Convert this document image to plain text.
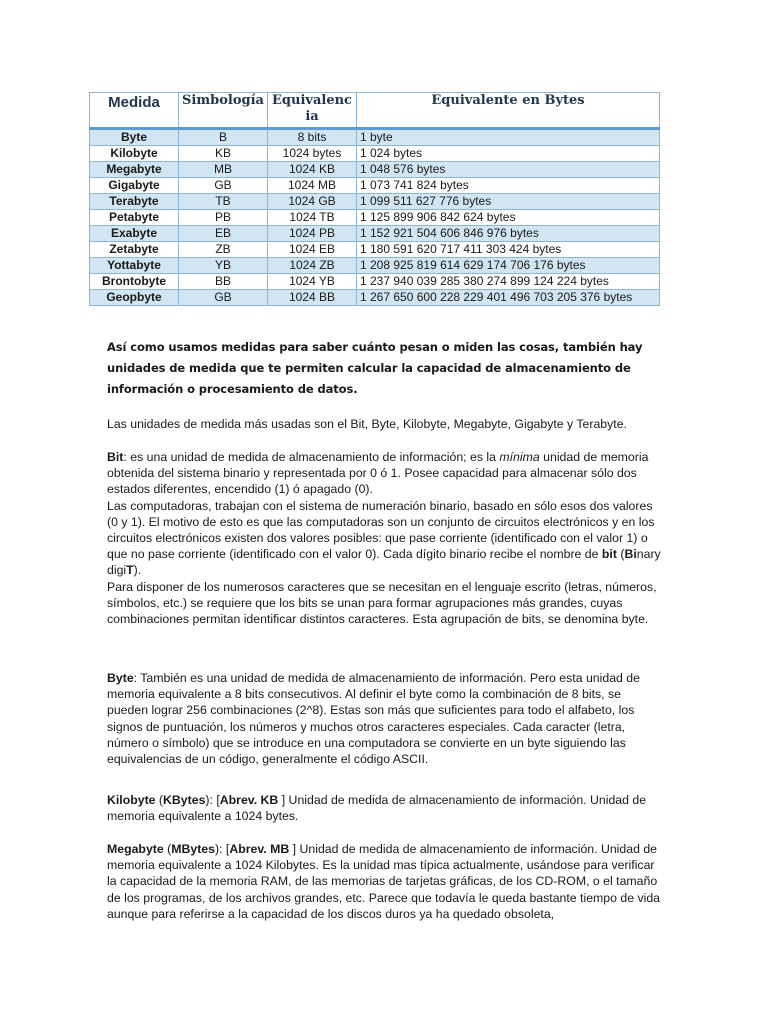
Medida	Simbología	Equivalencia	Equivalente en Bytes
Byte	B	8 bits	1 byte
Kilobyte	KB	1024 bytes	1 024 bytes
Megabyte	MB	1024 KB	1 048 576 bytes
Gigabyte	GB	1024 MB	1 073 741 824 bytes
Terabyte	TB	1024 GB	1 099 511 627 776 bytes
Petabyte	PB	1024 TB	1 125 899 906 842 624 bytes
Exabyte	EB	1024 PB	1 152 921 504 606 846 976 bytes
Zetabyte	ZB	1024 EB	1 180 591 620 717 411 303 424 bytes
Yottabyte	YB	1024 ZB	1 208 925 819 614 629 174 706 176 bytes
Brontobyte	BB	1024 YB	1 237 940 039 285 380 274 899 124 224 bytes
Geopbyte	GB	1024 BB	1 267 650 600 228 229 401 496 703 205 376 bytes
Así como usamos medidas para saber cuánto pesan o miden las cosas, también hay unidades de medida que te permiten calcular la capacidad de almacenamiento de información o procesamiento de datos.

Las unidades de medida más usadas son el Bit, Byte, Kilobyte, Megabyte, Gigabyte y Terabyte.

Bit: es una unidad de medida de almacenamiento de información; es la mínima unidad de memoria obtenida del sistema binario y representada por 0 ó 1. Posee capacidad para almacenar sólo dos estados diferentes, encendido (1) ó apagado (0).

Las computadoras, trabajan con el sistema de numeración binario, basado en sólo esos dos valores (0 y 1). El motivo de esto es que las computadoras son un conjunto de circuitos electrónicos y en los circuitos electrónicos existen dos valores posibles: que pase corriente (identificado con el valor 1) o que no pase corriente (identificado con el valor 0). Cada dígito binario recibe el nombre de bit (Binary digiT).

Para disponer de los numerosos caracteres que se necesitan en el lenguaje escrito (letras, números, símbolos, etc.) se requiere que los bits se unan para formar agrupaciones más grandes, cuyas combinaciones permitan identificar distintos caracteres. Esta agrupación de bits, se denomina byte.

Byte: También es una unidad de medida de almacenamiento de información. Pero esta unidad de memoria equivalente a 8 bits consecutivos. Al definir el byte como la combinación de 8 bits, se pueden lograr 256 combinaciones (2^8). Estas son más que suficientes para todo el alfabeto, los signos de puntuación, los números y muchos otros caracteres especiales. Cada caracter (letra, número o símbolo) que se introduce en una computadora se convierte en un byte siguiendo las equivalencias de un código, generalmente el código ASCII.

Kilobyte (KBytes): [Abrev. KB ] Unidad de medida de almacenamiento de información. Unidad de memoria equivalente a 1024 bytes.

Megabyte (MBytes): [Abrev. MB ] Unidad de medida de almacenamiento de información. Unidad de memoria equivalente a 1024 Kilobytes. Es la unidad mas típica actualmente, usándose para verificar la capacidad de la memoria RAM, de las memorias de tarjetas gráficas, de los CD-ROM, o el tamaño de los programas, de los archivos grandes, etc. Parece que todavía le queda bastante tiempo de vida aunque para referirse a la capacidad de los discos duros ya ha quedado obsoleta,
